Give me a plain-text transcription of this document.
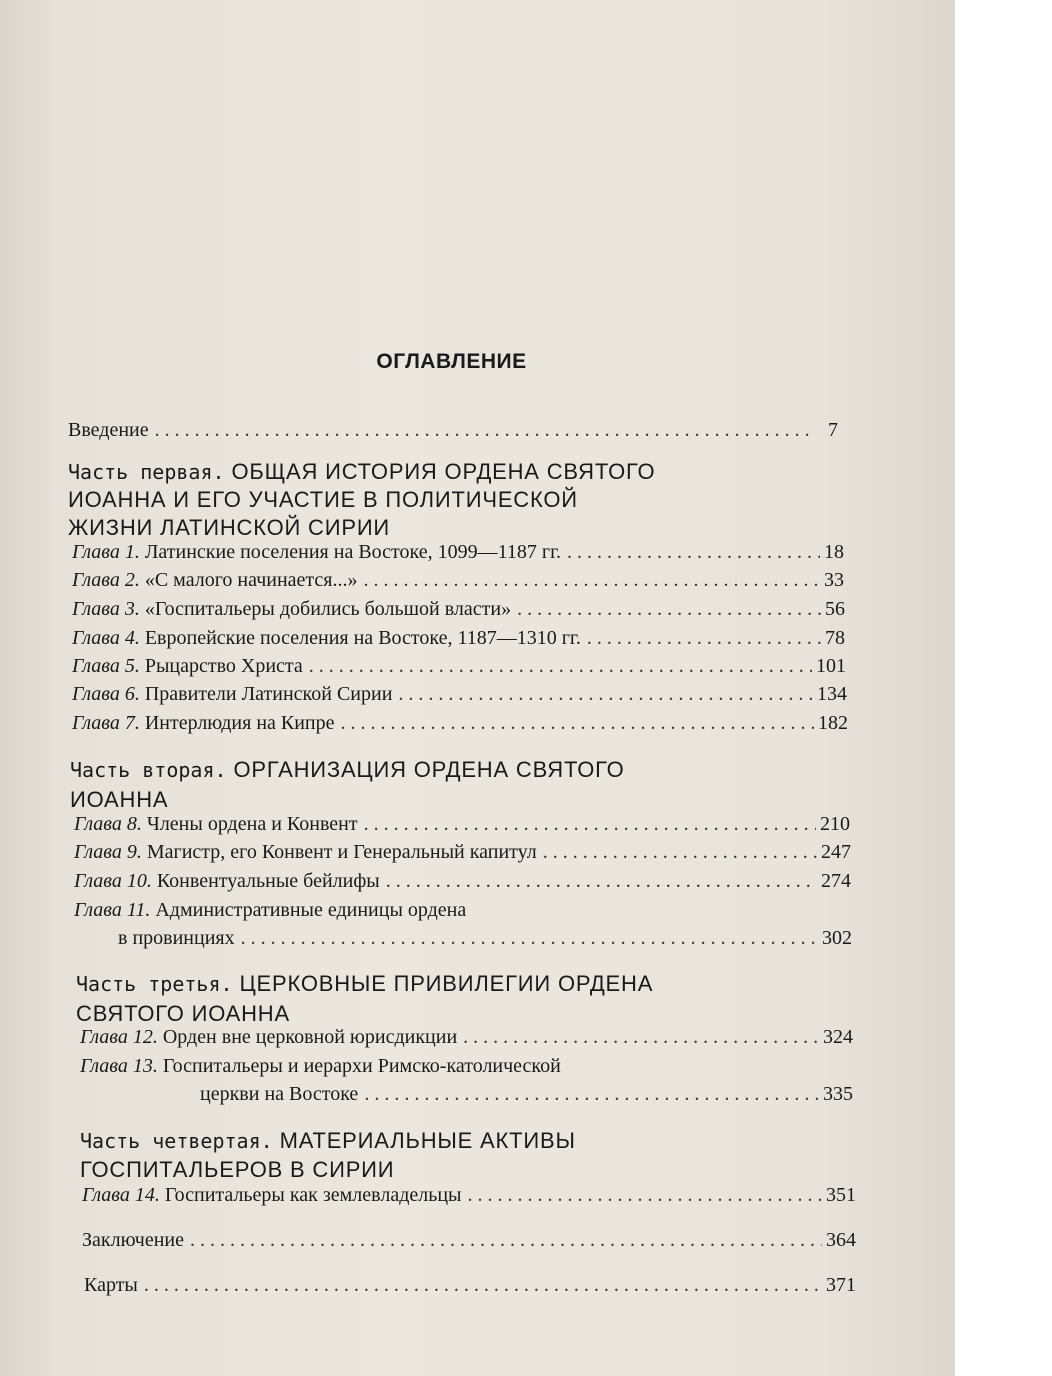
ОГЛАВЛЕНИЕ
Введение . . .	7
Часть первая. ОБЩАЯ ИСТОРИЯ ОРДЕНА СВЯТОГО
ИОАННА И ЕГО УЧАСТИЕ В ПОЛИТИЧЕСКОЙ
ЖИЗНИ ЛАТИНСКОЙ СИРИИ
Глава 1. Латинские поселения на Востоке, 1099—1187 гг. . . .	18
Глава 2. «С малого начинается...» . . .	33
Глава 3. «Госпитальеры добились большой власти» . . .	56
Глава 4. Европейские поселения на Востоке, 1187—1310 гг. . . .	78
Глава 5. Рыцарство Христа . . .	101
Глава 6. Правители Латинской Сирии . . .	134
Глава 7. Интерлюдия на Кипре . . .	182
Часть вторая. ОРГАНИЗАЦИЯ ОРДЕНА СВЯТОГО
ИОАННА
Глава 8. Члены ордена и Конвент . . .	210
Глава 9. Магистр, его Конвент и Генеральный капитул . . .	247
Глава 10. Конвентуальные бейлифы . . .	274
Глава 11. Административные единицы ордена
в провинциях . . .	302
Часть третья. ЦЕРКОВНЫЕ ПРИВИЛЕГИИ ОРДЕНА
СВЯТОГО ИОАННА
Глава 12. Орден вне церковной юрисдикции . . .	324
Глава 13. Госпитальеры и иерархи Римско-католической
церкви на Востоке . . .	335
Часть четвертая. МАТЕРИАЛЬНЫЕ АКТИВЫ
ГОСПИТАЛЬЕРОВ В СИРИИ
Глава 14. Госпитальеры как землевладельцы . . .	351
Заключение . . .	364
Карты . . .	371
